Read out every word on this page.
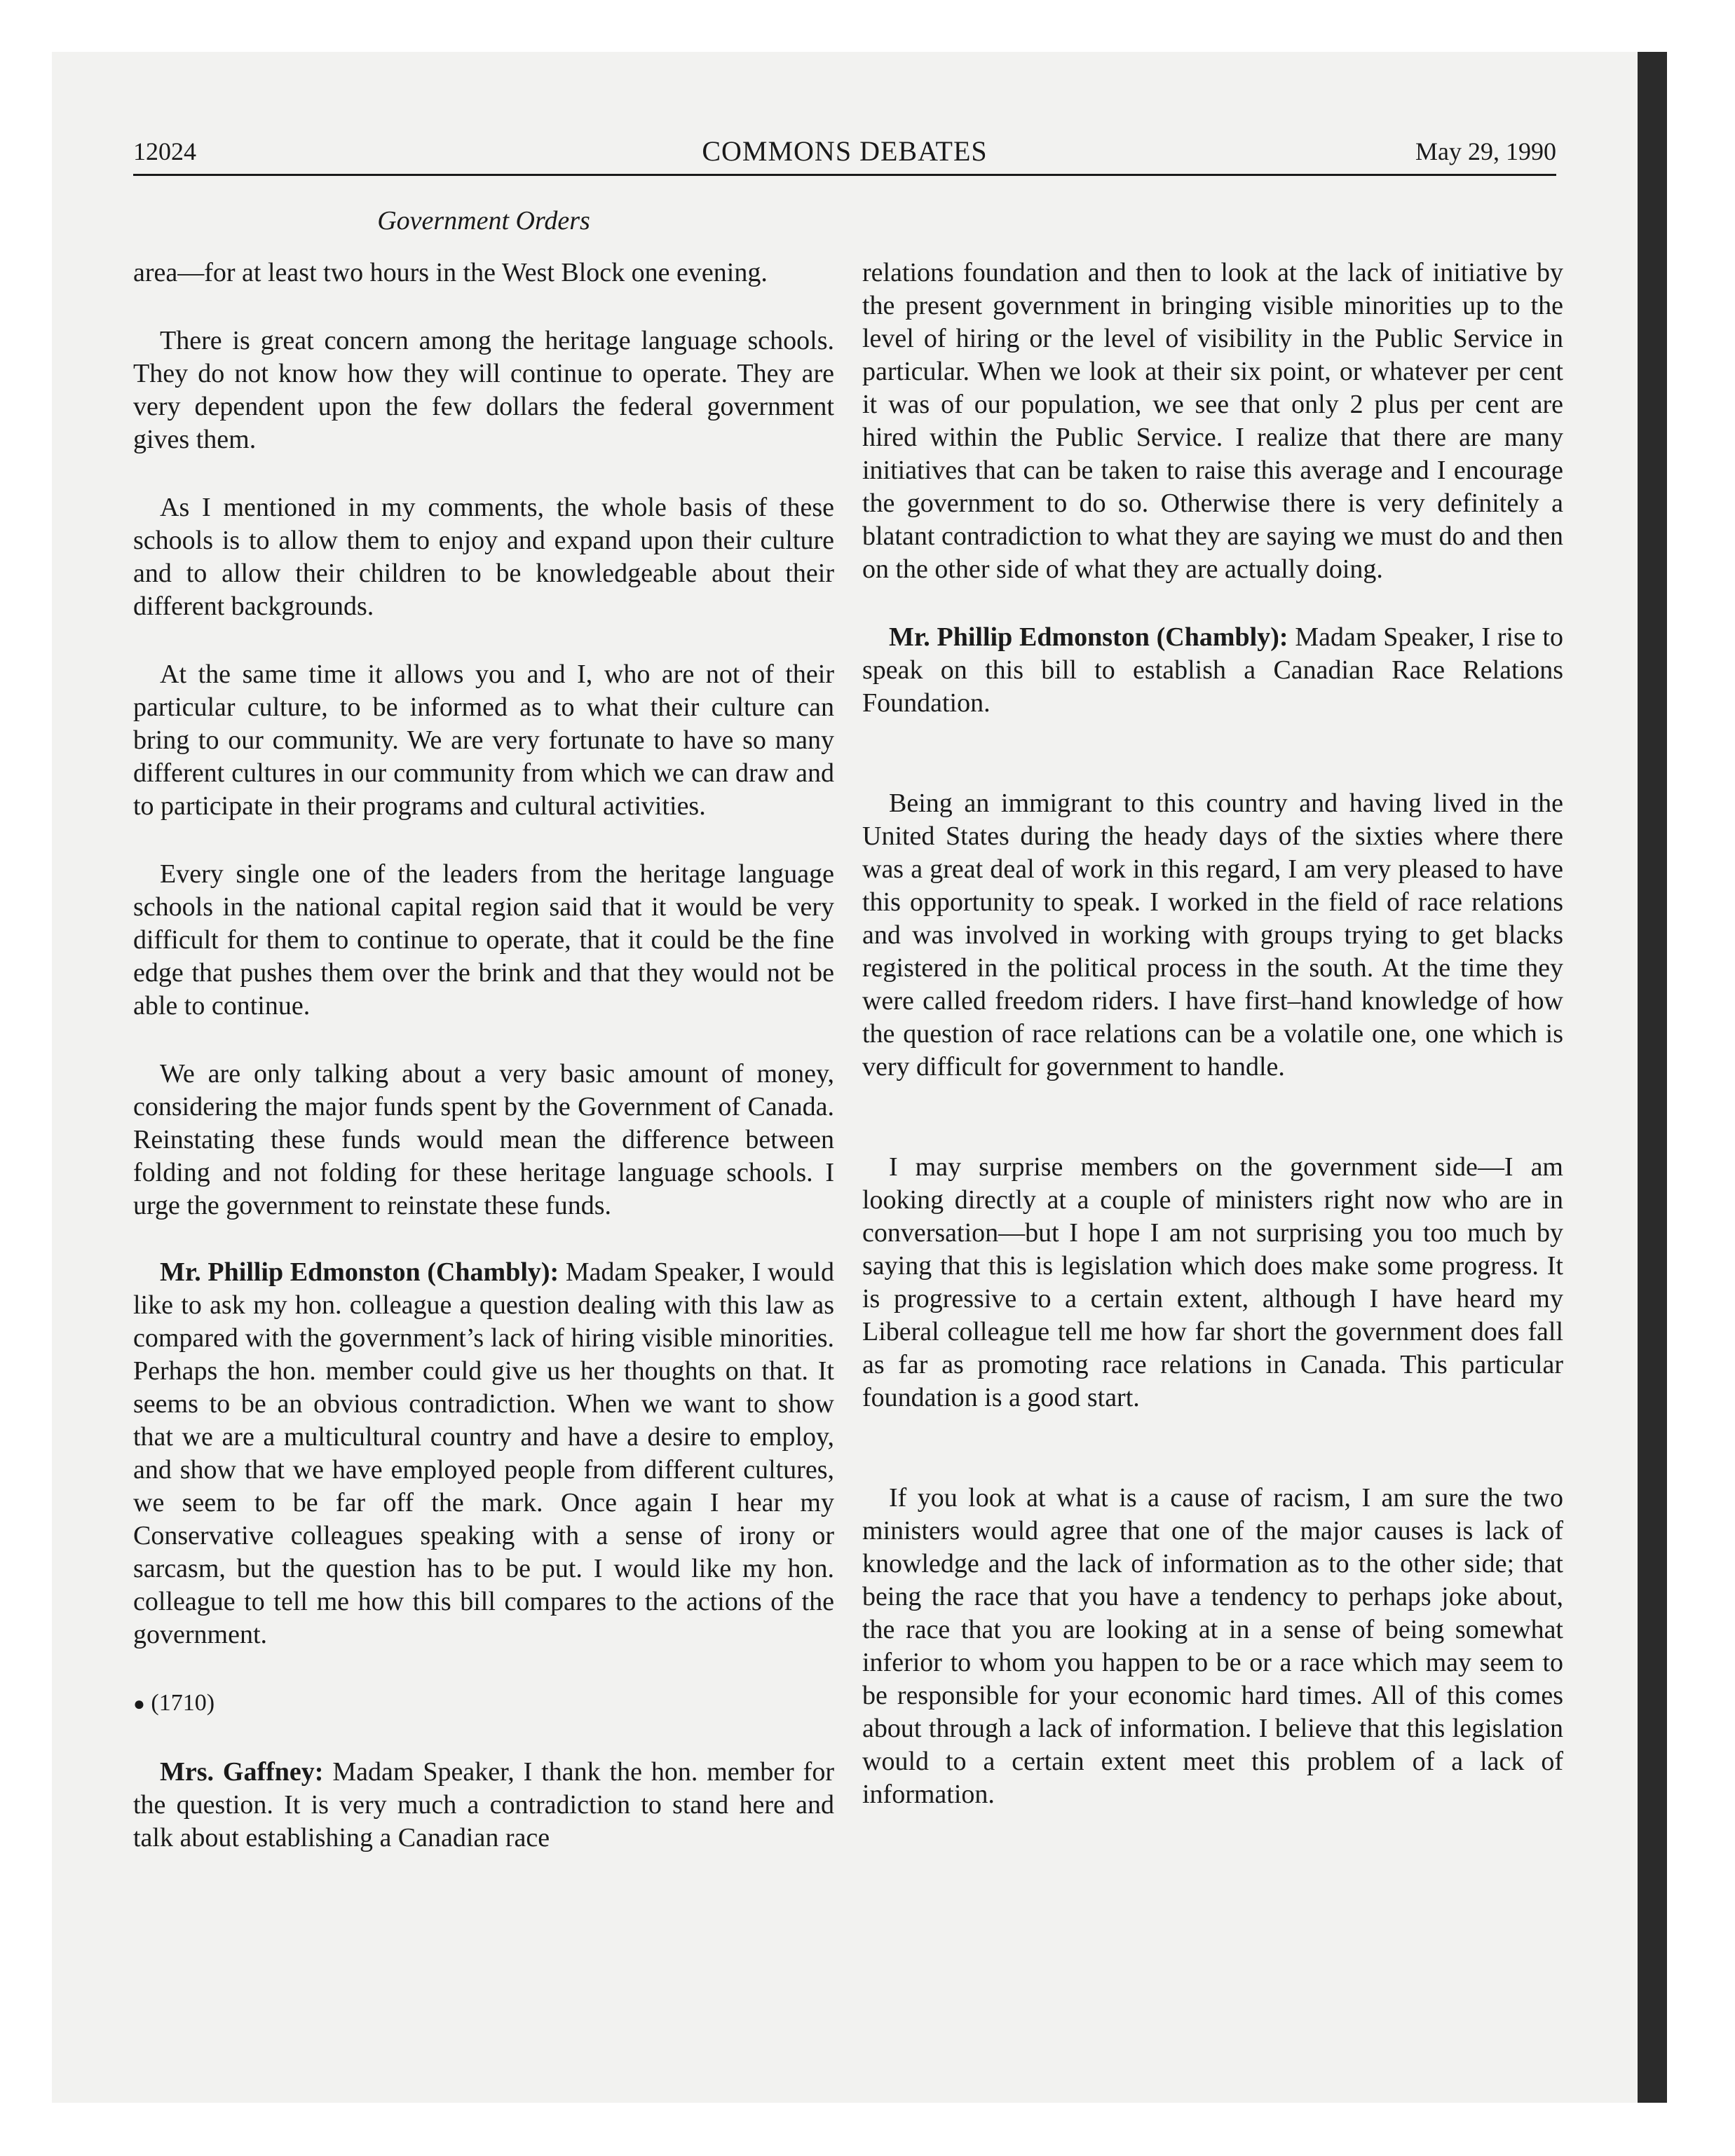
12024	COMMONS DEBATES	May 29, 1990
Government Orders

area—for at least two hours in the West Block one evening.

There is great concern among the heritage language schools. They do not know how they will continue to operate. They are very dependent upon the few dollars the federal government gives them.

As I mentioned in my comments, the whole basis of these schools is to allow them to enjoy and expand upon their culture and to allow their children to be knowledgeable about their different backgrounds.

At the same time it allows you and I, who are not of their particular culture, to be informed as to what their culture can bring to our community. We are very fortunate to have so many different cultures in our community from which we can draw and to participate in their programs and cultural activities.

Every single one of the leaders from the heritage language schools in the national capital region said that it would be very difficult for them to continue to operate, that it could be the fine edge that pushes them over the brink and that they would not be able to continue.

We are only talking about a very basic amount of money, considering the major funds spent by the Government of Canada. Reinstating these funds would mean the difference between folding and not folding for these heritage language schools. I urge the government to reinstate these funds.

Mr. Phillip Edmonston (Chambly): Madam Speaker, I would like to ask my hon. colleague a question dealing with this law as compared with the government’s lack of hiring visible minorities. Perhaps the hon. member could give us her thoughts on that. It seems to be an obvious contradiction. When we want to show that we are a multicultural country and have a desire to employ, and show that we have employed people from different cultures, we seem to be far off the mark. Once again I hear my Conservative colleagues speaking with a sense of irony or sarcasm, but the question has to be put. I would like my hon. colleague to tell me how this bill compares to the actions of the government.

● (1710)

Mrs. Gaffney: Madam Speaker, I thank the hon. member for the question. It is very much a contradiction to stand here and talk about establishing a Canadian race

relations foundation and then to look at the lack of initiative by the present government in bringing visible minorities up to the level of hiring or the level of visibility in the Public Service in particular. When we look at their six point, or whatever per cent it was of our population, we see that only 2 plus per cent are hired within the Public Service. I realize that there are many initiatives that can be taken to raise this average and I encourage the government to do so. Otherwise there is very definitely a blatant contradiction to what they are saying we must do and then on the other side of what they are actually doing.

Mr. Phillip Edmonston (Chambly): Madam Speaker, I rise to speak on this bill to establish a Canadian Race Relations Foundation.

Being an immigrant to this country and having lived in the United States during the heady days of the sixties where there was a great deal of work in this regard, I am very pleased to have this opportunity to speak. I worked in the field of race relations and was involved in working with groups trying to get blacks registered in the political process in the south. At the time they were called freedom riders. I have first–hand knowledge of how the question of race relations can be a volatile one, one which is very difficult for government to handle.

I may surprise members on the government side—I am looking directly at a couple of ministers right now who are in conversation—but I hope I am not surprising you too much by saying that this is legislation which does make some progress. It is progressive to a certain extent, although I have heard my Liberal colleague tell me how far short the government does fall as far as promoting race relations in Canada. This particular foundation is a good start.

If you look at what is a cause of racism, I am sure the two ministers would agree that one of the major causes is lack of knowledge and the lack of information as to the other side; that being the race that you have a tendency to perhaps joke about, the race that you are looking at in a sense of being somewhat inferior to whom you happen to be or a race which may seem to be responsible for your economic hard times. All of this comes about through a lack of information. I believe that this legislation would to a certain extent meet this problem of a lack of information.
